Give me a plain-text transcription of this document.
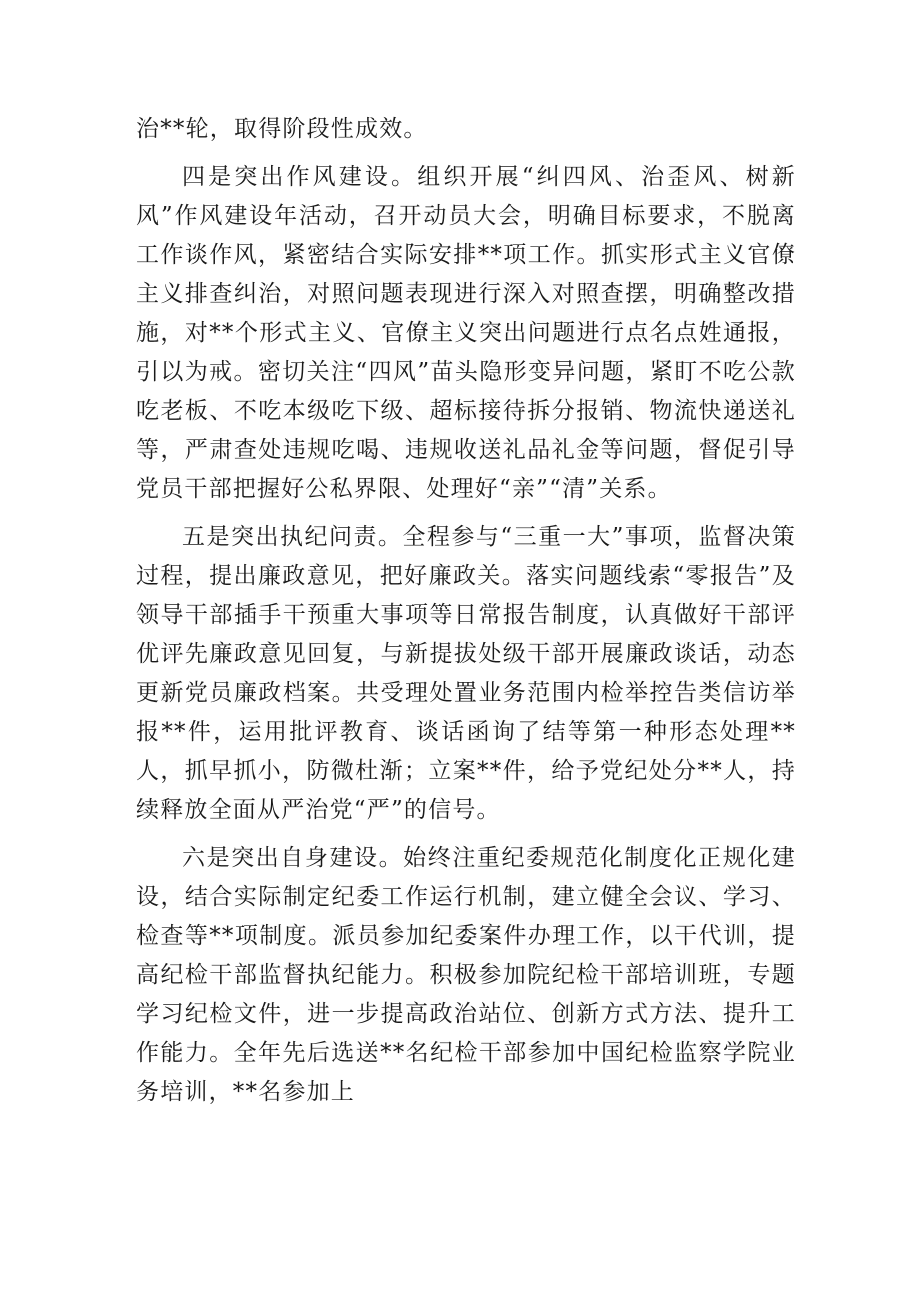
治**轮，取得阶段性成效。

四是突出作风建设。组织开展“纠四风、治歪风、树新风”作风建设年活动，召开动员大会，明确目标要求，不脱离工作谈作风，紧密结合实际安排**项工作。抓实形式主义官僚主义排查纠治，对照问题表现进行深入对照查摆，明确整改措施，对**个形式主义、官僚主义突出问题进行点名点姓通报，引以为戒。密切关注“四风”苗头隐形变异问题，紧盯不吃公款吃老板、不吃本级吃下级、超标接待拆分报销、物流快递送礼等，严肃查处违规吃喝、违规收送礼品礼金等问题，督促引导党员干部把握好公私界限、处理好“亲”“清”关系。

五是突出执纪问责。全程参与“三重一大”事项，监督决策过程，提出廉政意见，把好廉政关。落实问题线索“零报告”及领导干部插手干预重大事项等日常报告制度，认真做好干部评优评先廉政意见回复，与新提拔处级干部开展廉政谈话，动态更新党员廉政档案。共受理处置业务范围内检举控告类信访举报**件，运用批评教育、谈话函询了结等第一种形态处理**人，抓早抓小，防微杜渐；立案**件，给予党纪处分**人，持续释放全面从严治党“严”的信号。

六是突出自身建设。始终注重纪委规范化制度化正规化建设，结合实际制定纪委工作运行机制，建立健全会议、学习、检查等**项制度。派员参加纪委案件办理工作，以干代训，提高纪检干部监督执纪能力。积极参加院纪检干部培训班，专题学习纪检文件，进一步提高政治站位、创新方式方法、提升工作能力。全年先后选送**名纪检干部参加中国纪检监察学院业务培训，**名参加上
